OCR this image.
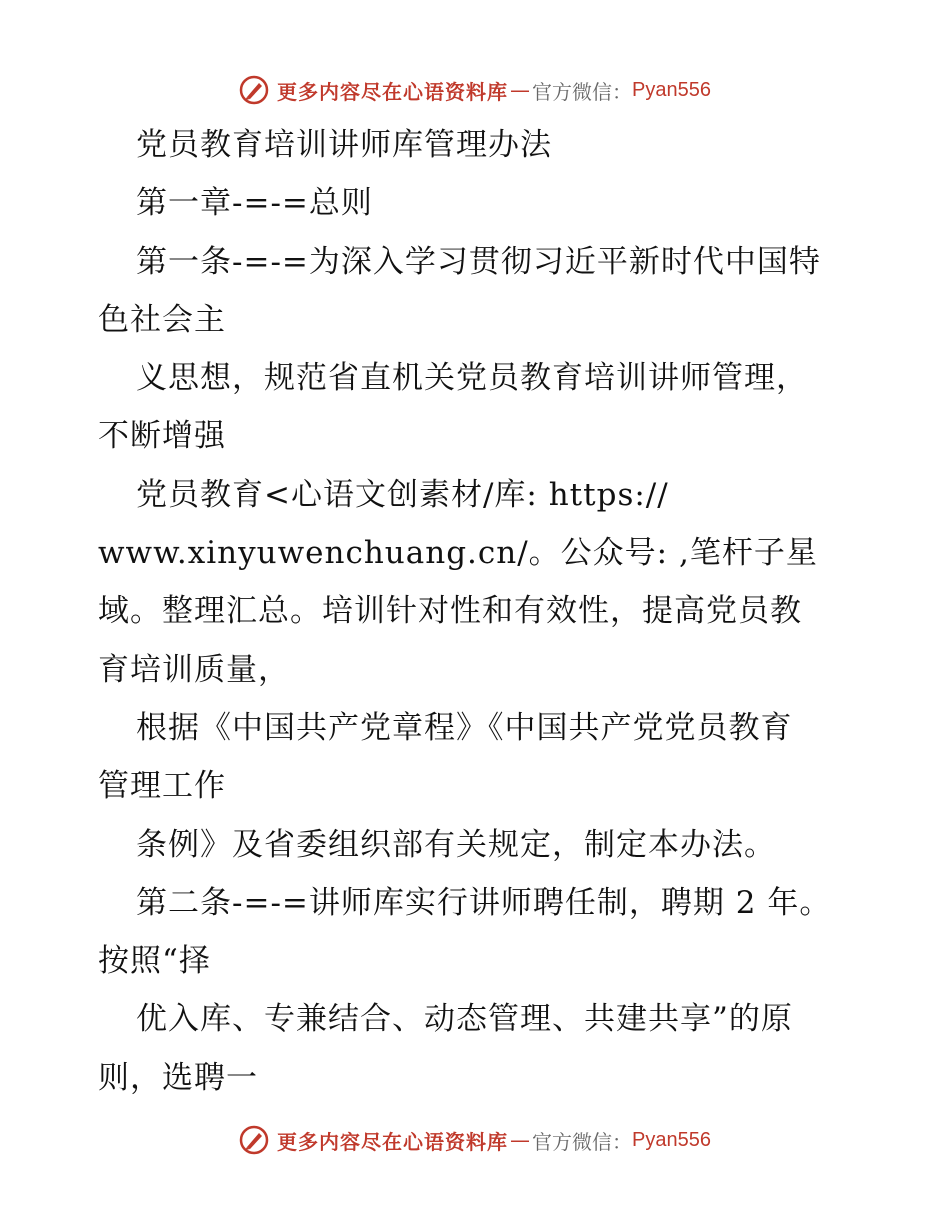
更多内容尽在心语资料库 — 官方微信： Pyan556
党员教育培训讲师库管理办法
第一章-=-=总则
第一条-=-=为深入学习贯彻习近平新时代中国特
色社会主
义思想，规范省直机关党员教育培训讲师管理，
不断增强
党员教育<心语文创素材/库: https://
www.xinyuwenchuang.cn/。公众号: ,笔杆子星
域。整理汇总。培训针对性和有效性，提高党员教
育培训质量，
根据《中国共产党章程》《中国共产党党员教育
管理工作
条例》及省委组织部有关规定，制定本办法。
第二条-=-=讲师库实行讲师聘任制，聘期 2 年。
按照“择
优入库、专兼结合、动态管理、共建共享”的原
则，选聘一
更多内容尽在心语资料库 — 官方微信： Pyan556
